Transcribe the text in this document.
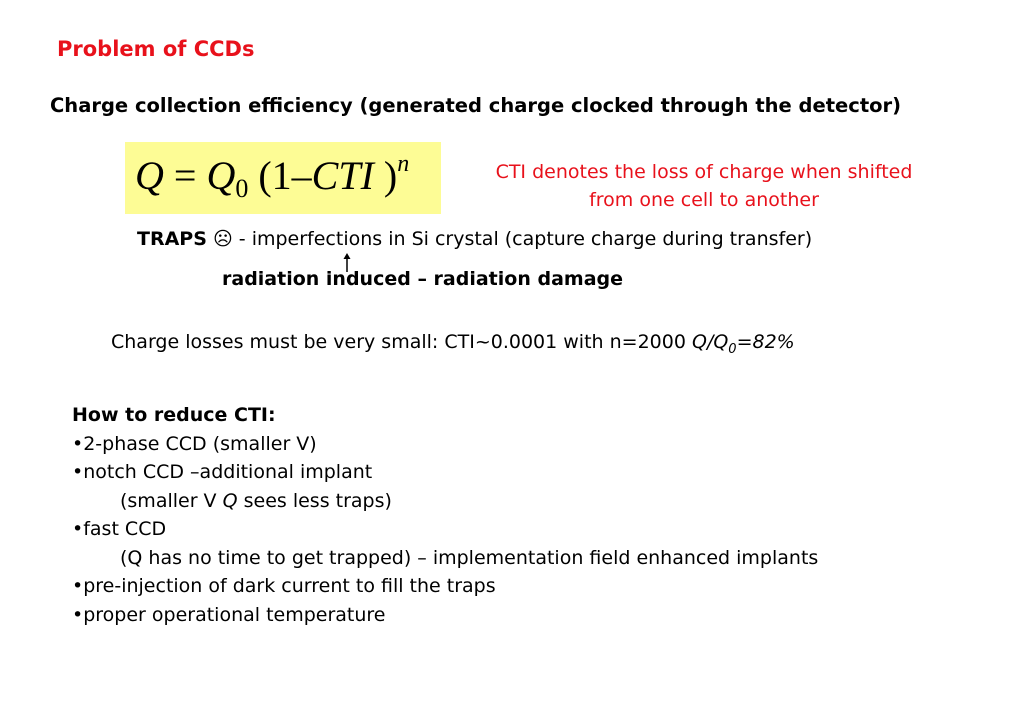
Problem of CCDs
Charge collection efficiency (generated charge clocked through the detector)
$Q = Q_0$ (1–CTI )$^n$	CTI denotes the loss of charge when shifted from one cell to another
TRAPS ☹ - imperfections in Si crystal (capture charge during transfer)
radiation induced – radiation damage
Charge losses must be very small: CTI~0.0001 with n=2000 $Q/Q_0=82\%$
How to reduce CTI:
•2-phase CCD (smaller V)
•notch CCD –additional implant
(smaller V Q sees less traps)
•fast CCD
(Q has no time to get trapped) – implementation field enhanced implants
•pre-injection of dark current to fill the traps
•proper operational temperature
